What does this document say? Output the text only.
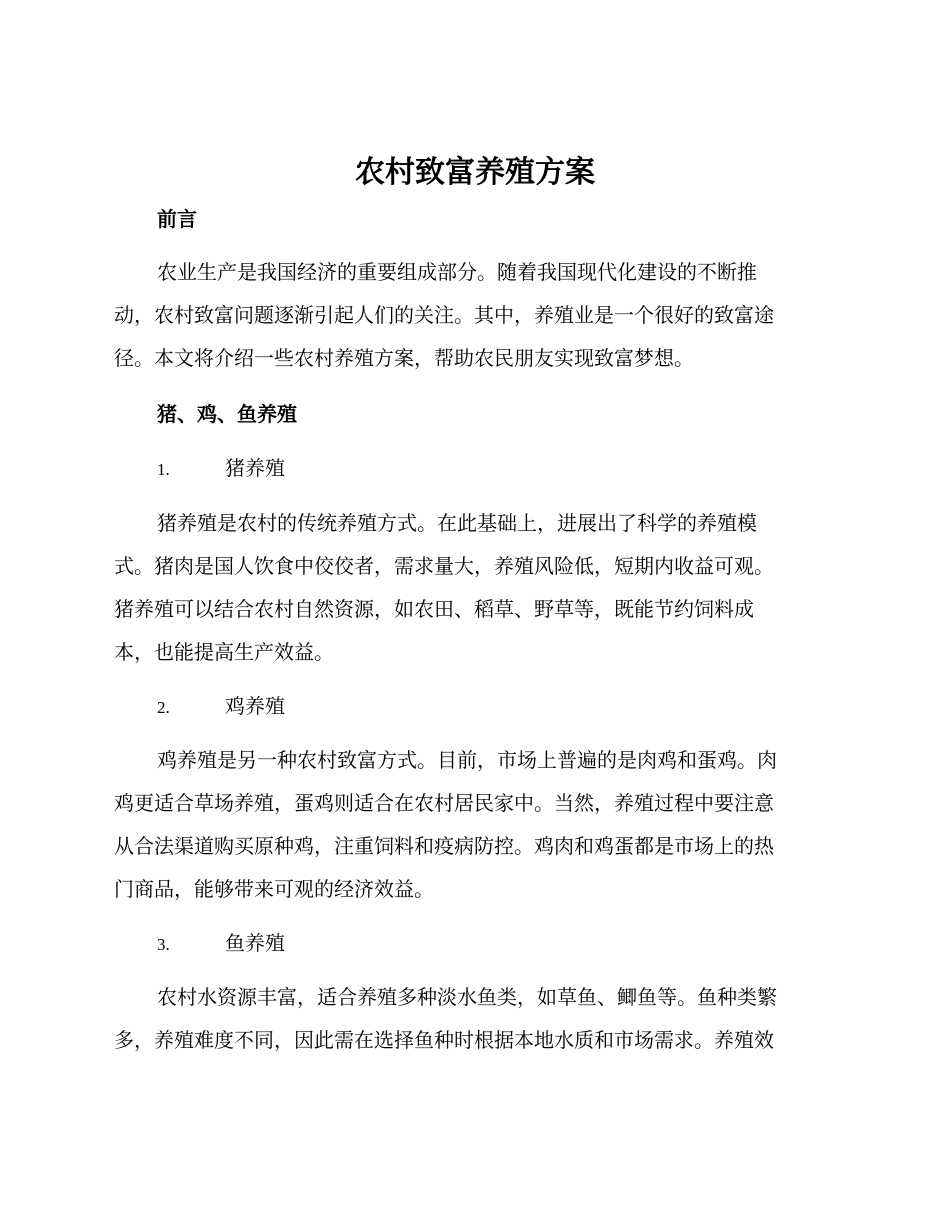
农村致富养殖方案
前言

农业生产是我国经济的重要组成部分。随着我国现代化建设的不断推
动，农村致富问题逐渐引起人们的关注。其中，养殖业是一个很好的致富途
径。本文将介绍一些农村养殖方案，帮助农民朋友实现致富梦想。

猪、鸡、鱼养殖
1.	猪养殖

猪养殖是农村的传统养殖方式。在此基础上，进展出了科学的养殖模
式。猪肉是国人饮食中佼佼者，需求量大，养殖风险低，短期内收益可观。
猪养殖可以结合农村自然资源，如农田、稻草、野草等，既能节约饲料成
本，也能提高生产效益。

2.	鸡养殖

鸡养殖是另一种农村致富方式。目前，市场上普遍的是肉鸡和蛋鸡。肉
鸡更适合草场养殖，蛋鸡则适合在农村居民家中。当然，养殖过程中要注意
从合法渠道购买原种鸡，注重饲料和疫病防控。鸡肉和鸡蛋都是市场上的热
门商品，能够带来可观的经济效益。

3.	鱼养殖

农村水资源丰富，适合养殖多种淡水鱼类，如草鱼、鲫鱼等。鱼种类繁
多，养殖难度不同，因此需在选择鱼种时根据本地水质和市场需求。养殖效
